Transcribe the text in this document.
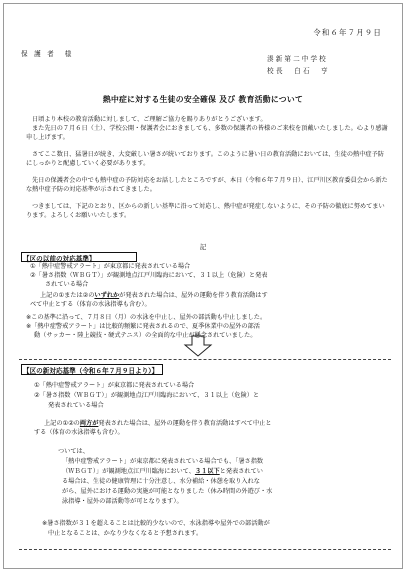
令和６年７月９日
保 護 者　様
湊新第二中学校
校長　白石　亨
熱中症に対する生徒の安全確保 及び 教育活動について
日頃より本校の教育活動に対しまして、ご理解ご協力を賜りありがとうございます。
また先日の７月６日（土）、学校公開・保護者会におきましても、多数の保護者の皆様のご来校を頂戴いたしました。心より感謝申し上げます。
さてここ数日、猛暑日が続き、大変厳しい暑さが続いております。このように暑い日の教育活動においては、生徒の熱中症予防にしっかりと配慮していく必要があります。
先日の保護者会の中でも熱中症の予防対応をお話ししたところですが、本日（令和６年７月９日）、江戸川区教育委員会から新たな熱中症予防の対応基準が示されてきました。
つきましては、下記のとおり、区からの新しい基準に沿って対応し、熱中症が発症しないように、その予防の徹底に努めてまいります。よろしくお願いいたします。
記
【区の以前の対応基準】
①「熱中症警戒アラート」が東京都に発表されている場合
②「暑さ指数（ＷＢＧＴ）」が観測地点江戸川臨海において、３１以上（危険）と発表
されている場合
上記の①または②のいずれかが発表された場合は、屋外の運動を伴う教育活動はす
べて中止とする（体育の水泳指導も含む）。
※この基準に沿って、７月８日（月）の水泳を中止し、屋外の部活動も中止しました。
※「熱中症警戒アラート」は比較的頻繁に発表されるので、夏季休業中の屋外の部活
動（サッカー・陸上競技・硬式テニス）の全面的な中止が懸念されていました。
【区の新対応基準（令和６年７月９日より）】
①「熱中症警戒アラート」が東京都に発表されている場合
②「暑さ指数（ＷＢＧＴ）」が観測地点江戸川臨海において、３１以上（危険）と
発表されている場合
上記の①②の両方が発表された場合は、屋外の運動を伴う教育活動はすべて中止と
する（体育の水泳指導も含む）。
ついては、
「熱中症警戒アラート」が東京都に発表されている場合でも、「暑さ指数
（ＷＢＧＴ）」が観測地点江戸川臨海において、３１以下と発表されてい
る場合は、生徒の健康管理に十分注意し、水分補給・休憩を取り入れな
がら、屋外における運動の実施が可能となりました（休み時間の外遊び・水
泳指導・屋外の部活動等が可となります）。
※暑さ指数が３１を超えることは比較的少ないので、水泳指導や屋外での部活動が
中止となることは、かなり少なくなると予想されます。
